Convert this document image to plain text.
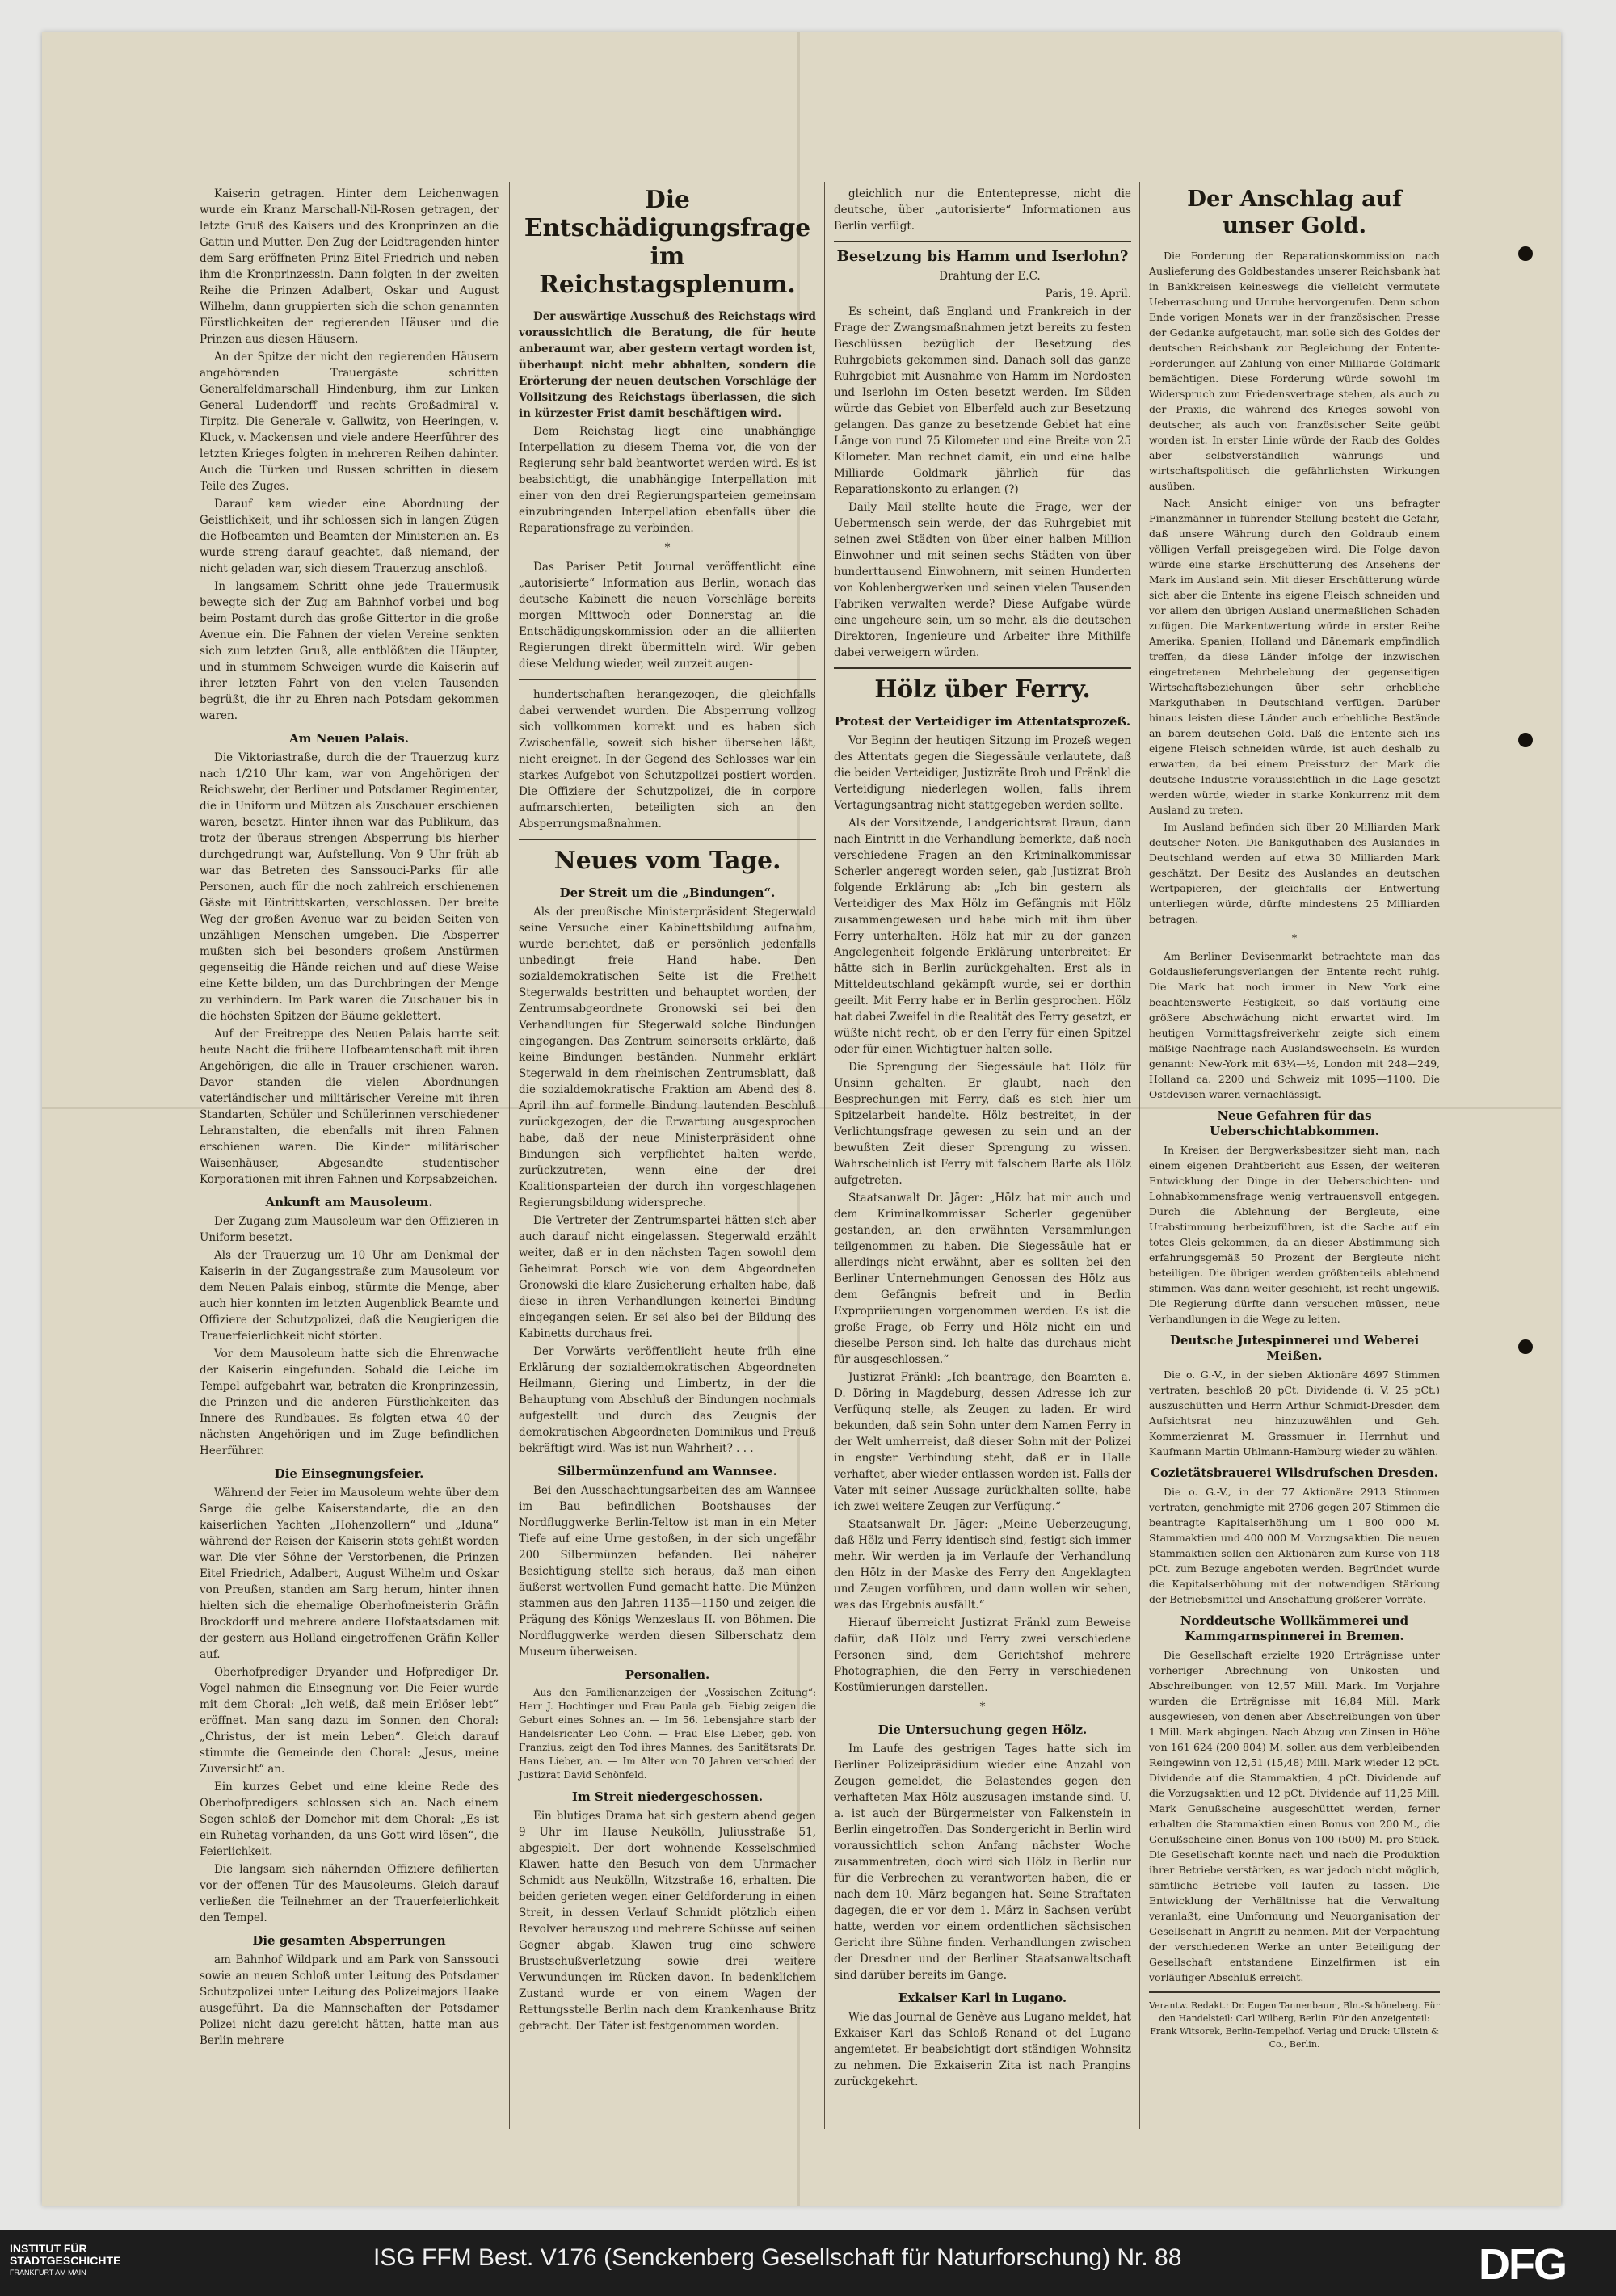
Kaiserin getragen. Hinter dem Leichenwagen wurde ein Kranz Marschall-Nil-Rosen getragen, der letzte Gruß des Kaisers und des Kronprinzen an die Gattin und Mutter. Den Zug der Leidtragenden hinter dem Sarg eröffneten Prinz Eitel-Friedrich und neben ihm die Kronprinzessin. Dann folgten in der zweiten Reihe die Prinzen Adalbert, Oskar und August Wilhelm, dann gruppierten sich die schon genannten Fürstlichkeiten der regierenden Häuser und die Prinzen aus diesen Häusern.

An der Spitze der nicht den regierenden Häusern angehörenden Trauergäste schritten Generalfeldmarschall Hindenburg, ihm zur Linken General Ludendorff und rechts Großadmiral v. Tirpitz. Die Generale v. Gallwitz, von Heeringen, v. Kluck, v. Mackensen und viele andere Heerführer des letzten Krieges folgten in mehreren Reihen dahinter. Auch die Türken und Russen schritten in diesem Teile des Zuges.

Darauf kam wieder eine Abordnung der Geistlichkeit, und ihr schlossen sich in langen Zügen die Hofbeamten und Beamten der Ministerien an. Es wurde streng darauf geachtet, daß niemand, der nicht geladen war, sich diesem Trauerzug anschloß.

In langsamem Schritt ohne jede Trauermusik bewegte sich der Zug am Bahnhof vorbei und bog beim Postamt durch das große Gittertor in die große Avenue ein. Die Fahnen der vielen Vereine senkten sich zum letzten Gruß, alle entblößten die Häupter, und in stummem Schweigen wurde die Kaiserin auf ihrer letzten Fahrt von den vielen Tausenden begrüßt, die ihr zu Ehren nach Potsdam gekommen waren.

Am Neuen Palais.

Die Viktoriastraße, durch die der Trauerzug kurz nach 1/210 Uhr kam, war von Angehörigen der Reichswehr, der Berliner und Potsdamer Regimenter, die in Uniform und Mützen als Zuschauer erschienen waren, besetzt. Hinter ihnen war das Publikum, das trotz der überaus strengen Absperrung bis hierher durchgedrungt war, Aufstellung. Von 9 Uhr früh ab war das Betreten des Sanssouci-Parks für alle Personen, auch für die noch zahlreich erschienenen Gäste mit Eintrittskarten, verschlossen. Der breite Weg der großen Avenue war zu beiden Seiten von unzähligen Menschen umgeben. Die Absperrer mußten sich bei besonders großem Anstürmen gegenseitig die Hände reichen und auf diese Weise eine Kette bilden, um das Durchbringen der Menge zu verhindern. Im Park waren die Zuschauer bis in die höchsten Spitzen der Bäume geklettert.

Auf der Freitreppe des Neuen Palais harrte seit heute Nacht die frühere Hofbeamtenschaft mit ihren Angehörigen, die alle in Trauer erschienen waren. Davor standen die vielen Abordnungen vaterländischer und militärischer Vereine mit ihren Standarten, Schüler und Schülerinnen verschiedener Lehranstalten, die ebenfalls mit ihren Fahnen erschienen waren. Die Kinder militärischer Waisenhäuser, Abgesandte studentischer Korporationen mit ihren Fahnen und Korpsabzeichen.

Ankunft am Mausoleum.

Der Zugang zum Mausoleum war den Offizieren in Uniform besetzt.

Als der Trauerzug um 10 Uhr am Denkmal der Kaiserin in der Zugangsstraße zum Mausoleum vor dem Neuen Palais einbog, stürmte die Menge, aber auch hier konnten im letzten Augenblick Beamte und Offiziere der Schutzpolizei, daß die Neugierigen die Trauerfeierlichkeit nicht störten.

Vor dem Mausoleum hatte sich die Ehrenwache der Kaiserin eingefunden. Sobald die Leiche im Tempel aufgebahrt war, betraten die Kronprinzessin, die Prinzen und die anderen Fürstlichkeiten das Innere des Rundbaues. Es folgten etwa 40 der nächsten Angehörigen und im Zuge befindlichen Heerführer.

Die Einsegnungsfeier.

Während der Feier im Mausoleum wehte über dem Sarge die gelbe Kaiserstandarte, die an den kaiserlichen Yachten „Hohenzollern“ und „Iduna“ während der Reisen der Kaiserin stets gehißt worden war. Die vier Söhne der Verstorbenen, die Prinzen Eitel Friedrich, Adalbert, August Wilhelm und Oskar von Preußen, standen am Sarg herum, hinter ihnen hielten sich die ehemalige Oberhofmeisterin Gräfin Brockdorff und mehrere andere Hofstaatsdamen mit der gestern aus Holland eingetroffenen Gräfin Keller auf.

Oberhofprediger Dryander und Hofprediger Dr. Vogel nahmen die Einsegnung vor. Die Feier wurde mit dem Choral: „Ich weiß, daß mein Erlöser lebt“ eröffnet. Man sang dazu im Sonnen den Choral: „Christus, der ist mein Leben“. Gleich darauf stimmte die Gemeinde den Choral: „Jesus, meine Zuversicht“ an.

Ein kurzes Gebet und eine kleine Rede des Oberhofpredigers schlossen sich an. Nach einem Segen schloß der Domchor mit dem Choral: „Es ist ein Ruhetag vorhanden, da uns Gott wird lösen“, die Feierlichkeit.

Die langsam sich nähernden Offiziere defilierten vor der offenen Tür des Mausoleums. Gleich darauf verließen die Teilnehmer an der Trauerfeierlichkeit den Tempel.

Die gesamten Absperrungen

am Bahnhof Wildpark und am Park von Sanssouci sowie an neuen Schloß unter Leitung des Potsdamer Schutzpolizei unter Leitung des Polizeimajors Haake ausgeführt. Da die Mannschaften der Potsdamer Polizei nicht dazu gereicht hätten, hatte man aus Berlin mehrere

Die Entschädigungsfrage im Reichstagsplenum.

Der auswärtige Ausschuß des Reichstags wird voraussichtlich die Beratung, die für heute anberaumt war, aber gestern vertagt worden ist, überhaupt nicht mehr abhalten, sondern die Erörterung der neuen deutschen Vorschläge der Vollsitzung des Reichstags überlassen, die sich in kürzester Frist damit beschäftigen wird.

Dem Reichstag liegt eine unabhängige Interpellation zu diesem Thema vor, die von der Regierung sehr bald beantwortet werden wird. Es ist beabsichtigt, die unabhängige Interpellation mit einer von den drei Regierungsparteien gemeinsam einzubringenden Interpellation ebenfalls über die Reparationsfrage zu verbinden.

*

Das Pariser Petit Journal veröffentlicht eine „autorisierte“ Information aus Berlin, wonach das deutsche Kabinett die neuen Vorschläge bereits morgen Mittwoch oder Donnerstag an die Entschädigungskommission oder an die alliierten Regierungen direkt übermitteln wird. Wir geben diese Meldung wieder, weil zurzeit augen-

hundertschaften herangezogen, die gleichfalls dabei verwendet wurden. Die Absperrung vollzog sich vollkommen korrekt und es haben sich Zwischenfälle, soweit sich bisher übersehen läßt, nicht ereignet. In der Gegend des Schlosses war ein starkes Aufgebot von Schutzpolizei postiert worden. Die Offiziere der Schutzpolizei, die in corpore aufmarschierten, beteiligten sich an den Absperrungsmaßnahmen.

Neues vom Tage.
Der Streit um die „Bindungen“.

Als der preußische Ministerpräsident Stegerwald seine Versuche einer Kabinettsbildung aufnahm, wurde berichtet, daß er persönlich jedenfalls unbedingt freie Hand habe. Den sozialdemokratischen Seite ist die Freiheit Stegerwalds bestritten und behauptet worden, der Zentrumsabgeordnete Gronowski sei bei den Verhandlungen für Stegerwald solche Bindungen eingegangen. Das Zentrum seinerseits erklärte, daß keine Bindungen beständen. Nunmehr erklärt Stegerwald in dem rheinischen Zentrumsblatt, daß die sozialdemokratische Fraktion am Abend des 8. April ihn auf formelle Bindung lautenden Beschluß zurückgezogen, der die Erwartung ausgesprochen habe, daß der neue Ministerpräsident ohne Bindungen sich verpflichtet halten werde, zurückzutreten, wenn eine der drei Koalitionsparteien der durch ihn vorgeschlagenen Regierungsbildung widerspreche.

Die Vertreter der Zentrumspartei hätten sich aber auch darauf nicht eingelassen. Stegerwald erzählt weiter, daß er in den nächsten Tagen sowohl dem Geheimrat Porsch wie von dem Abgeordneten Gronowski die klare Zusicherung erhalten habe, daß diese in ihren Verhandlungen keinerlei Bindung eingegangen seien. Er sei also bei der Bildung des Kabinetts durchaus frei.

Der Vorwärts veröffentlicht heute früh eine Erklärung der sozialdemokratischen Abgeordneten Heilmann, Giering und Limbertz, in der die Behauptung vom Abschluß der Bindungen nochmals aufgestellt und durch das Zeugnis der demokratischen Abgeordneten Dominikus und Preuß bekräftigt wird. Was ist nun Wahrheit? . . .

Silbermünzenfund am Wannsee.

Bei den Ausschachtungsarbeiten des am Wannsee im Bau befindlichen Bootshauses der Nordfluggwerke Berlin-Teltow ist man in ein Meter Tiefe auf eine Urne gestoßen, in der sich ungefähr 200 Silbermünzen befanden. Bei näherer Besichtigung stellte sich heraus, daß man einen äußerst wertvollen Fund gemacht hatte. Die Münzen stammen aus den Jahren 1135—1150 und zeigen die Prägung des Königs Wenzeslaus II. von Böhmen. Die Nordfluggwerke werden diesen Silberschatz dem Museum überweisen.

Personalien.

Aus den Familienanzeigen der „Vossischen Zeitung“: Herr J. Hochtinger und Frau Paula geb. Fiebig zeigen die Geburt eines Sohnes an. — Im 56. Lebensjahre starb der Handelsrichter Leo Cohn. — Frau Else Lieber, geb. von Franzius, zeigt den Tod ihres Mannes, des Sanitätsrats Dr. Hans Lieber, an. — Im Alter von 70 Jahren verschied der Justizrat David Schönfeld.

Im Streit niedergeschossen.

Ein blutiges Drama hat sich gestern abend gegen 9 Uhr im Hause Neukölln, Juliusstraße 51, abgespielt. Der dort wohnende Kesselschmied Klawen hatte den Besuch von dem Uhrmacher Schmidt aus Neukölln, Witzstraße 16, erhalten. Die beiden gerieten wegen einer Geldforderung in einen Streit, in dessen Verlauf Schmidt plötzlich einen Revolver herauszog und mehrere Schüsse auf seinen Gegner abgab. Klawen trug eine schwere Brustschußverletzung sowie drei weitere Verwundungen im Rücken davon. In bedenklichem Zustand wurde er von einem Wagen der Rettungsstelle Berlin nach dem Krankenhause Britz gebracht. Der Täter ist festgenommen worden.

gleichlich nur die Ententepresse, nicht die deutsche, über „autorisierte“ Informationen aus Berlin verfügt.

Besetzung bis Hamm und Iserlohn?

Drahtung der E.C.

Paris, 19. April.

Es scheint, daß England und Frankreich in der Frage der Zwangsmaßnahmen jetzt bereits zu festen Beschlüssen bezüglich der Besetzung des Ruhrgebiets gekommen sind. Danach soll das ganze Ruhrgebiet mit Ausnahme von Hamm im Nordosten und Iserlohn im Osten besetzt werden. Im Süden würde das Gebiet von Elberfeld auch zur Besetzung gelangen. Das ganze zu besetzende Gebiet hat eine Länge von rund 75 Kilometer und eine Breite von 25 Kilometer. Man rechnet damit, ein und eine halbe Milliarde Goldmark jährlich für das Reparationskonto zu erlangen (?)

Daily Mail stellte heute die Frage, wer der Uebermensch sein werde, der das Ruhrgebiet mit seinen zwei Städten von über einer halben Million Einwohner und mit seinen sechs Städten von über hunderttausend Einwohnern, mit seinen Hunderten von Kohlenbergwerken und seinen vielen Tausenden Fabriken verwalten werde? Diese Aufgabe würde eine ungeheure sein, um so mehr, als die deutschen Direktoren, Ingenieure und Arbeiter ihre Mithilfe dabei verweigern würden.

Hölz über Ferry.
Protest der Verteidiger im Attentatsprozeß.

Vor Beginn der heutigen Sitzung im Prozeß wegen des Attentats gegen die Siegessäule verlautete, daß die beiden Verteidiger, Justizräte Broh und Fränkl die Verteidigung niederlegen wollen, falls ihrem Vertagungsantrag nicht stattgegeben werden sollte.

Als der Vorsitzende, Landgerichtsrat Braun, dann nach Eintritt in die Verhandlung bemerkte, daß noch verschiedene Fragen an den Kriminalkommissar Scherler angeregt worden seien, gab Justizrat Broh folgende Erklärung ab: „Ich bin gestern als Verteidiger des Max Hölz im Gefängnis mit Hölz zusammengewesen und habe mich mit ihm über Ferry unterhalten. Hölz hat mir zu der ganzen Angelegenheit folgende Erklärung unterbreitet: Er hätte sich in Berlin zurückgehalten. Erst als in Mitteldeutschland gekämpft wurde, sei er dorthin geeilt. Mit Ferry habe er in Berlin gesprochen. Hölz hat dabei Zweifel in die Realität des Ferry gesetzt, er wüßte nicht recht, ob er den Ferry für einen Spitzel oder für einen Wichtigtuer halten solle.

Die Sprengung der Siegessäule hat Hölz für Unsinn gehalten. Er glaubt, nach den Besprechungen mit Ferry, daß es sich hier um Spitzelarbeit handelte. Hölz bestreitet, in der Verlichtungsfrage gewesen zu sein und an der bewußten Zeit dieser Sprengung zu wissen. Wahrscheinlich ist Ferry mit falschem Barte als Hölz aufgetreten.

Staatsanwalt Dr. Jäger: „Hölz hat mir auch und dem Kriminalkommissar Scherler gegenüber gestanden, an den erwähnten Versammlungen teilgenommen zu haben. Die Siegessäule hat er allerdings nicht erwähnt, aber es sollten bei den Berliner Unternehmungen Genossen des Hölz aus dem Gefängnis befreit und in Berlin Expropriierungen vorgenommen werden. Es ist die große Frage, ob Ferry und Hölz nicht ein und dieselbe Person sind. Ich halte das durchaus nicht für ausgeschlossen.“

Justizrat Fränkl: „Ich beantrage, den Beamten a. D. Döring in Magdeburg, dessen Adresse ich zur Verfügung stelle, als Zeugen zu laden. Er wird bekunden, daß sein Sohn unter dem Namen Ferry in der Welt umherreist, daß dieser Sohn mit der Polizei in engster Verbindung steht, daß er in Halle verhaftet, aber wieder entlassen worden ist. Falls der Vater mit seiner Aussage zurückhalten sollte, habe ich zwei weitere Zeugen zur Verfügung.“

Staatsanwalt Dr. Jäger: „Meine Ueberzeugung, daß Hölz und Ferry identisch sind, festigt sich immer mehr. Wir werden ja im Verlaufe der Verhandlung den Hölz in der Maske des Ferry den Angeklagten und Zeugen vorführen, und dann wollen wir sehen, was das Ergebnis ausfällt.“

Hierauf überreicht Justizrat Fränkl zum Beweise dafür, daß Hölz und Ferry zwei verschiedene Personen sind, dem Gerichtshof mehrere Photographien, die den Ferry in verschiedenen Kostümierungen darstellen.

*
Die Untersuchung gegen Hölz.

Im Laufe des gestrigen Tages hatte sich im Berliner Polizeipräsidium wieder eine Anzahl von Zeugen gemeldet, die Belastendes gegen den verhafteten Max Hölz auszusagen imstande sind. U. a. ist auch der Bürgermeister von Falkenstein in Berlin eingetroffen. Das Sondergericht in Berlin wird voraussichtlich schon Anfang nächster Woche zusammentreten, doch wird sich Hölz in Berlin nur für die Verbrechen zu verantworten haben, die er nach dem 10. März begangen hat. Seine Straftaten dagegen, die er vor dem 1. März in Sachsen verübt hatte, werden vor einem ordentlichen sächsischen Gericht ihre Sühne finden. Verhandlungen zwischen der Dresdner und der Berliner Staatsanwaltschaft sind darüber bereits im Gange.

Exkaiser Karl in Lugano.

Wie das Journal de Genève aus Lugano meldet, hat Exkaiser Karl das Schloß Renand ot del Lugano angemietet. Er beabsichtigt dort ständigen Wohnsitz zu nehmen. Die Exkaiserin Zita ist nach Prangins zurückgekehrt.

Der Anschlag auf unser Gold.

Die Forderung der Reparationskommission nach Auslieferung des Goldbestandes unserer Reichsbank hat in Bankkreisen keineswegs die vielleicht vermutete Ueberraschung und Unruhe hervorgerufen. Denn schon Ende vorigen Monats war in der französischen Presse der Gedanke aufgetaucht, man solle sich des Goldes der deutschen Reichsbank zur Begleichung der Entente-Forderungen auf Zahlung von einer Milliarde Goldmark bemächtigen. Diese Forderung würde sowohl im Widerspruch zum Friedensvertrage stehen, als auch zu der Praxis, die während des Krieges sowohl von deutscher, als auch von französischer Seite geübt worden ist. In erster Linie würde der Raub des Goldes aber selbstverständlich währungs- und wirtschaftspolitisch die gefährlichsten Wirkungen ausüben.

Nach Ansicht einiger von uns befragter Finanzmänner in führender Stellung besteht die Gefahr, daß unsere Währung durch den Goldraub einem völligen Verfall preisgegeben wird. Die Folge davon würde eine starke Erschütterung des Ansehens der Mark im Ausland sein. Mit dieser Erschütterung würde sich aber die Entente ins eigene Fleisch schneiden und vor allem den übrigen Ausland unermeßlichen Schaden zufügen. Die Markentwertung würde in erster Reihe Amerika, Spanien, Holland und Dänemark empfindlich treffen, da diese Länder infolge der inzwischen eingetretenen Mehrbelebung der gegenseitigen Wirtschaftsbeziehungen über sehr erhebliche Markguthaben in Deutschland verfügen. Darüber hinaus leisten diese Länder auch erhebliche Bestände an barem deutschen Gold. Daß die Entente sich ins eigene Fleisch schneiden würde, ist auch deshalb zu erwarten, da bei einem Preissturz der Mark die deutsche Industrie voraussichtlich in die Lage gesetzt werden würde, wieder in starke Konkurrenz mit dem Ausland zu treten.

Im Ausland befinden sich über 20 Milliarden Mark deutscher Noten. Die Bankguthaben des Auslandes in Deutschland werden auf etwa 30 Milliarden Mark geschätzt. Der Besitz des Auslandes an deutschen Wertpapieren, der gleichfalls der Entwertung unterliegen würde, dürfte mindestens 25 Milliarden betragen.

*

Am Berliner Devisenmarkt betrachtete man das Goldauslieferungsverlangen der Entente recht ruhig. Die Mark hat noch immer in New York eine beachtenswerte Festigkeit, so daß vorläufig eine größere Abschwächung nicht erwartet wird. Im heutigen Vormittagsfreiverkehr zeigte sich einem mäßige Nachfrage nach Auslandswechseln. Es wurden genannt: New-York mit 63¼—½, London mit 248—249, Holland ca. 2200 und Schweiz mit 1095—1100. Die Ostdevisen waren vernachlässigt.

Neue Gefahren für das Ueberschichtabkommen.

In Kreisen der Bergwerksbesitzer sieht man, nach einem eigenen Drahtbericht aus Essen, der weiteren Entwicklung der Dinge in der Ueberschichten- und Lohnabkommensfrage wenig vertrauensvoll entgegen. Durch die Ablehnung der Bergleute, eine Urabstimmung herbeizuführen, ist die Sache auf ein totes Gleis gekommen, da an dieser Abstimmung sich erfahrungsgemäß 50 Prozent der Bergleute nicht beteiligen. Die übrigen werden größtenteils ablehnend stimmen. Was dann weiter geschieht, ist recht ungewiß. Die Regierung dürfte dann versuchen müssen, neue Verhandlungen in die Wege zu leiten.

Deutsche Jutespinnerei und Weberei Meißen.

Die o. G.-V., in der sieben Aktionäre 4697 Stimmen vertraten, beschloß 20 pCt. Dividende (i. V. 25 pCt.) auszuschütten und Herrn Arthur Schmidt-Dresden dem Aufsichtsrat neu hinzuzuwählen und Geh. Kommerzienrat M. Grassmuer in Herrnhut und Kaufmann Martin Uhlmann-Hamburg wieder zu wählen.

Cozietätsbrauerei Wilsdrufschen Dresden.

Die o. G.-V., in der 77 Aktionäre 2913 Stimmen vertraten, genehmigte mit 2706 gegen 207 Stimmen die beantragte Kapitalserhöhung um 1 800 000 M. Stammaktien und 400 000 M. Vorzugsaktien. Die neuen Stammaktien sollen den Aktionären zum Kurse von 118 pCt. zum Bezuge angeboten werden. Begründet wurde die Kapitalserhöhung mit der notwendigen Stärkung der Betriebsmittel und Anschaffung größerer Vorräte.

Norddeutsche Wollkämmerei und Kammgarnspinnerei in Bremen.

Die Gesellschaft erzielte 1920 Erträgnisse unter vorheriger Abrechnung von Unkosten und Abschreibungen von 12,57 Mill. Mark. Im Vorjahre wurden die Erträgnisse mit 16,84 Mill. Mark ausgewiesen, von denen aber Abschreibungen von über 1 Mill. Mark abgingen. Nach Abzug von Zinsen in Höhe von 161 624 (200 804) M. sollen aus dem verbleibenden Reingewinn von 12,51 (15,48) Mill. Mark wieder 12 pCt. Dividende auf die Stammaktien, 4 pCt. Dividende auf die Vorzugsaktien und 12 pCt. Dividende auf 11,25 Mill. Mark Genußscheine ausgeschüttet werden, ferner erhalten die Stammaktien einen Bonus von 200 M., die Genußscheine einen Bonus von 100 (500) M. pro Stück. Die Gesellschaft konnte nach und nach die Produktion ihrer Betriebe verstärken, es war jedoch nicht möglich, sämtliche Betriebe voll laufen zu lassen. Die Entwicklung der Verhältnisse hat die Verwaltung veranlaßt, eine Umformung und Neuorganisation der Gesellschaft in Angriff zu nehmen. Mit der Verpachtung der verschiedenen Werke an unter Beteiligung der Gesellschaft entstandene Einzelfirmen ist ein vorläufiger Abschluß erreicht.

Verantw. Redakt.: Dr. Eugen Tannenbaum, Bln.-Schöneberg. Für den Handelsteil: Carl Wilberg, Berlin. Für den Anzeigenteil: Frank Witsorek, Berlin-Tempelhof. Verlag und Druck: Ullstein & Co., Berlin.

INSTITUT FÜR
STADTGESCHICHTE
FRANKFURT AM MAIN
ISG FFM Best. V176 (Senckenberg Gesellschaft für Naturforschung) Nr. 88	DFG
